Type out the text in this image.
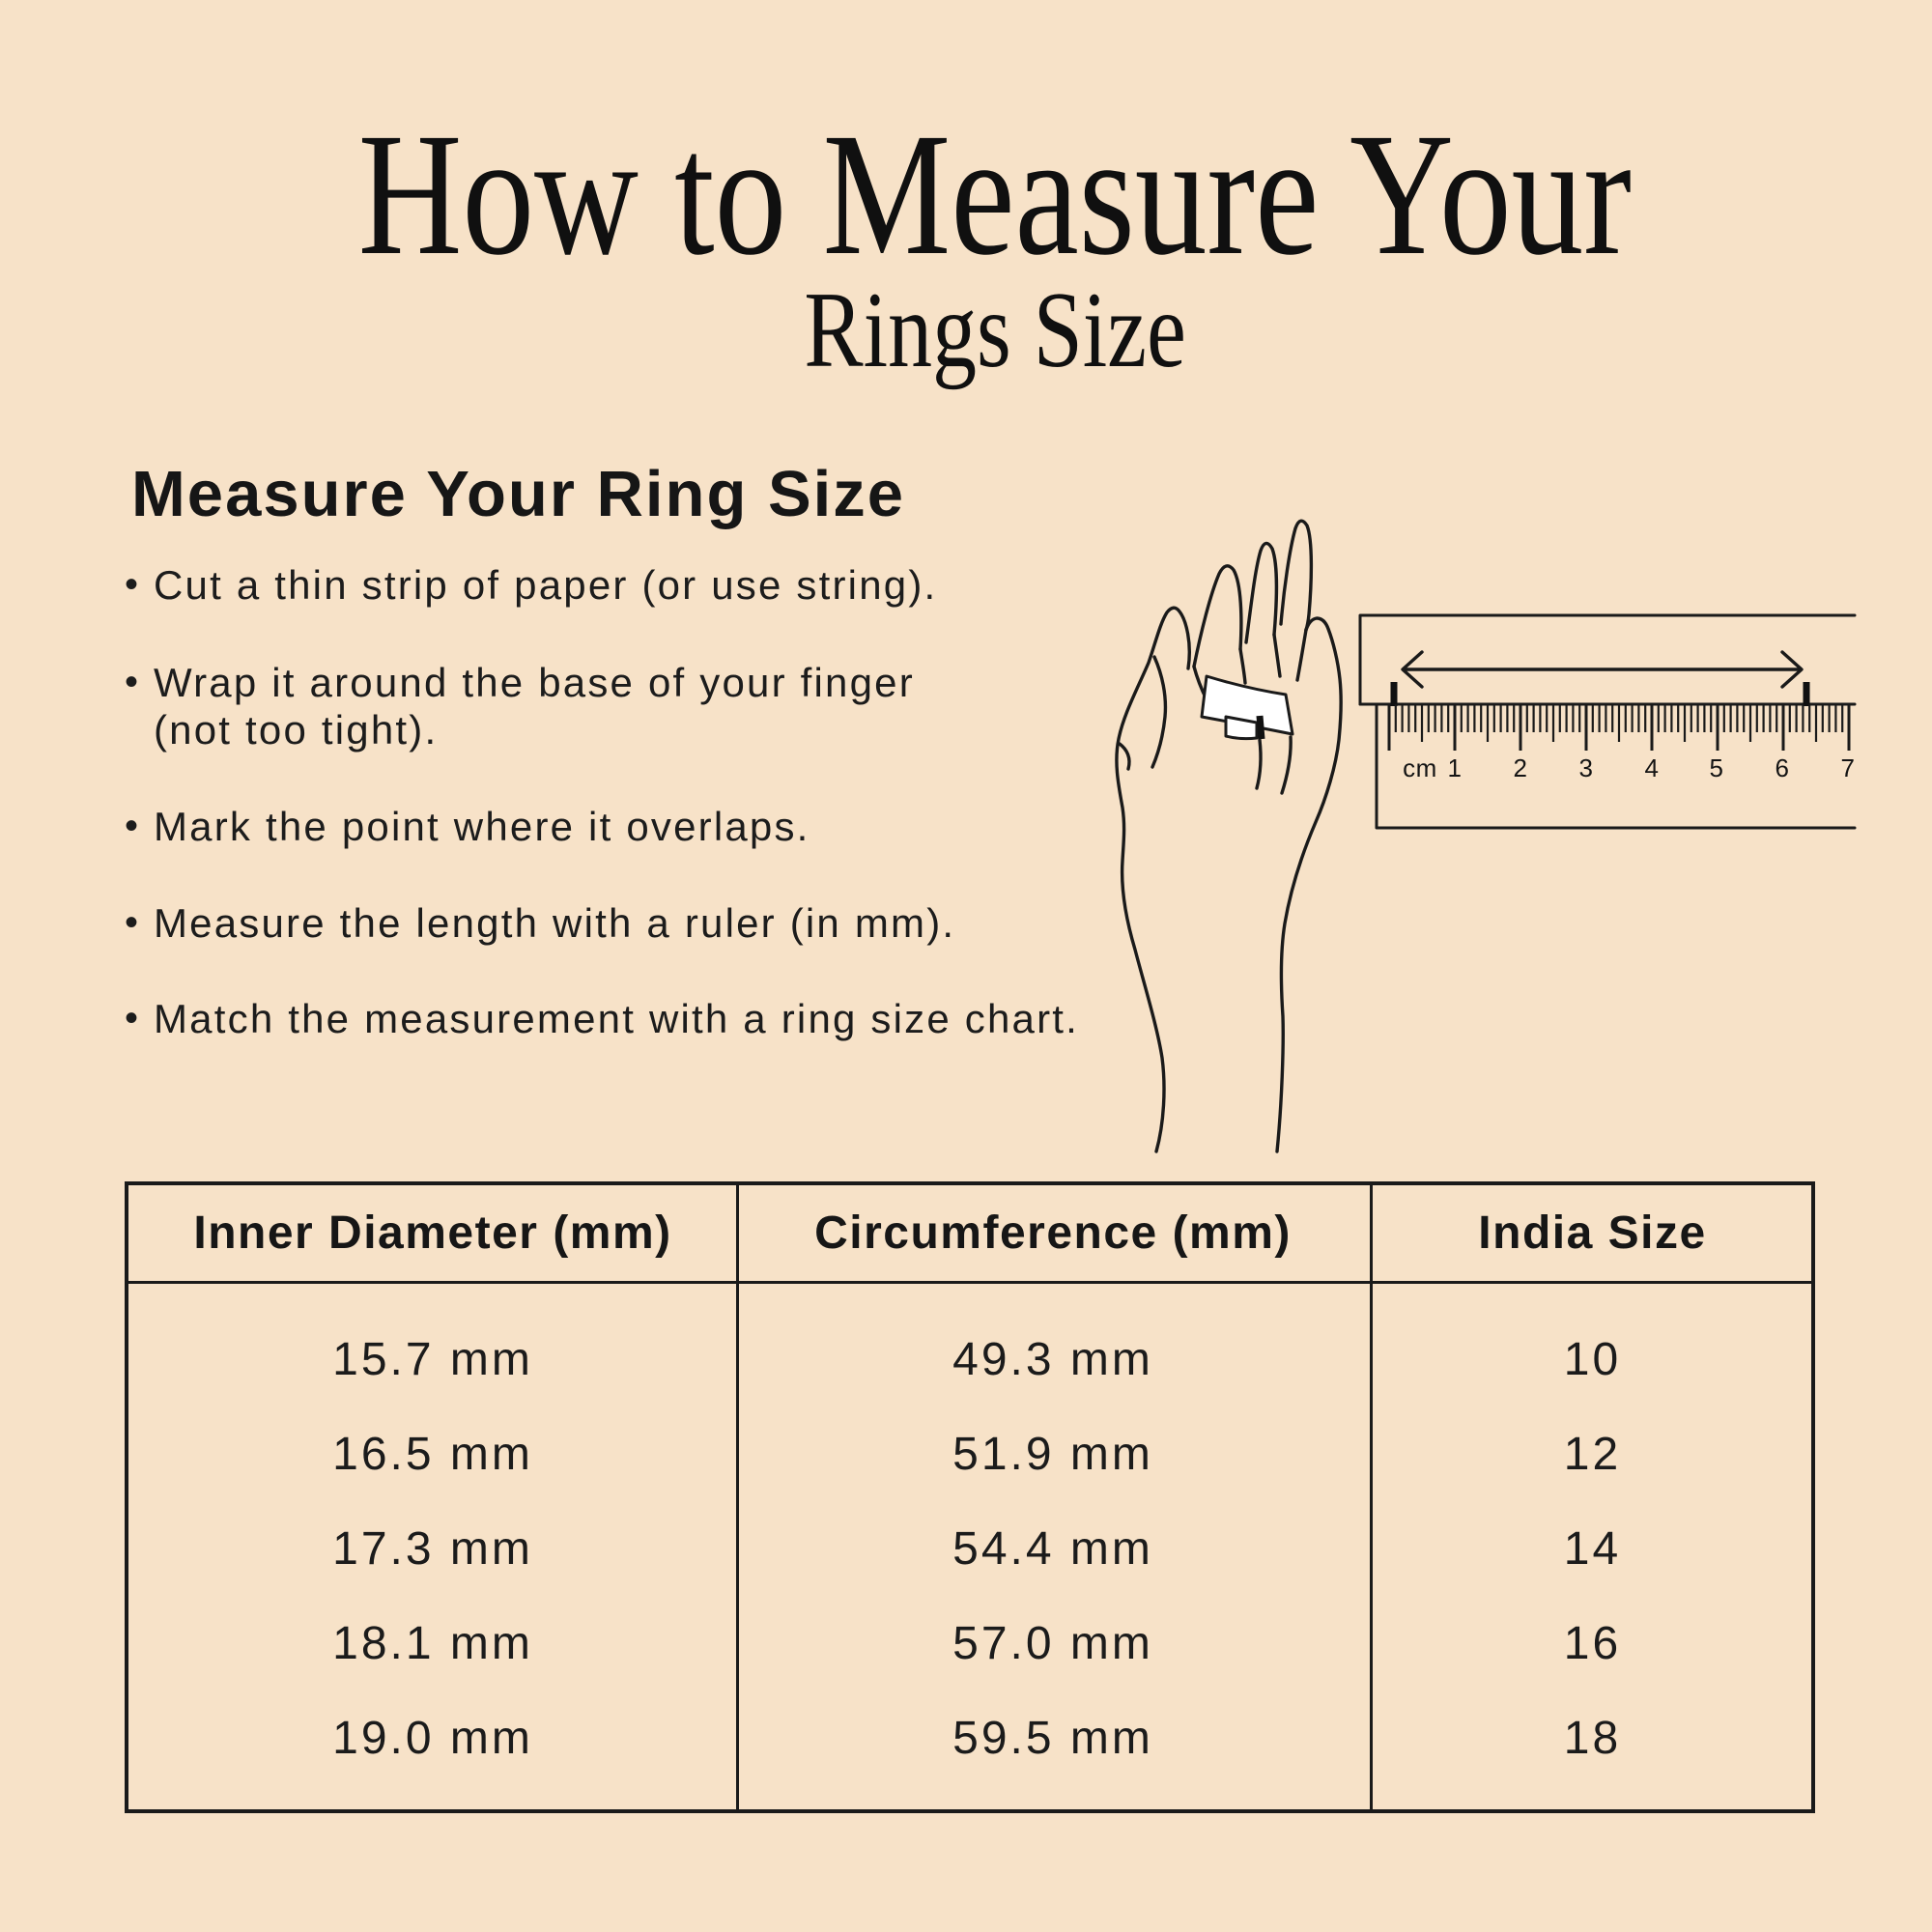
How to Measure Your
Rings Size
Measure Your Ring Size
• Cut a thin strip of paper (or use string).
• Wrap it around the base of your finger
(not too tight).
• Mark the point where it overlaps.
• Measure the length with a ruler (in mm).
• Match the measurement with a ring size chart.
cm 1	2	3	4	5	6	7
Inner Diameter (mm)	Circumference (mm)	India Size
15.7 mm	49.3 mm	10
16.5 mm	51.9 mm	12
17.3 mm	54.4 mm	14
18.1 mm	57.0 mm	16
19.0 mm	59.5 mm	18
